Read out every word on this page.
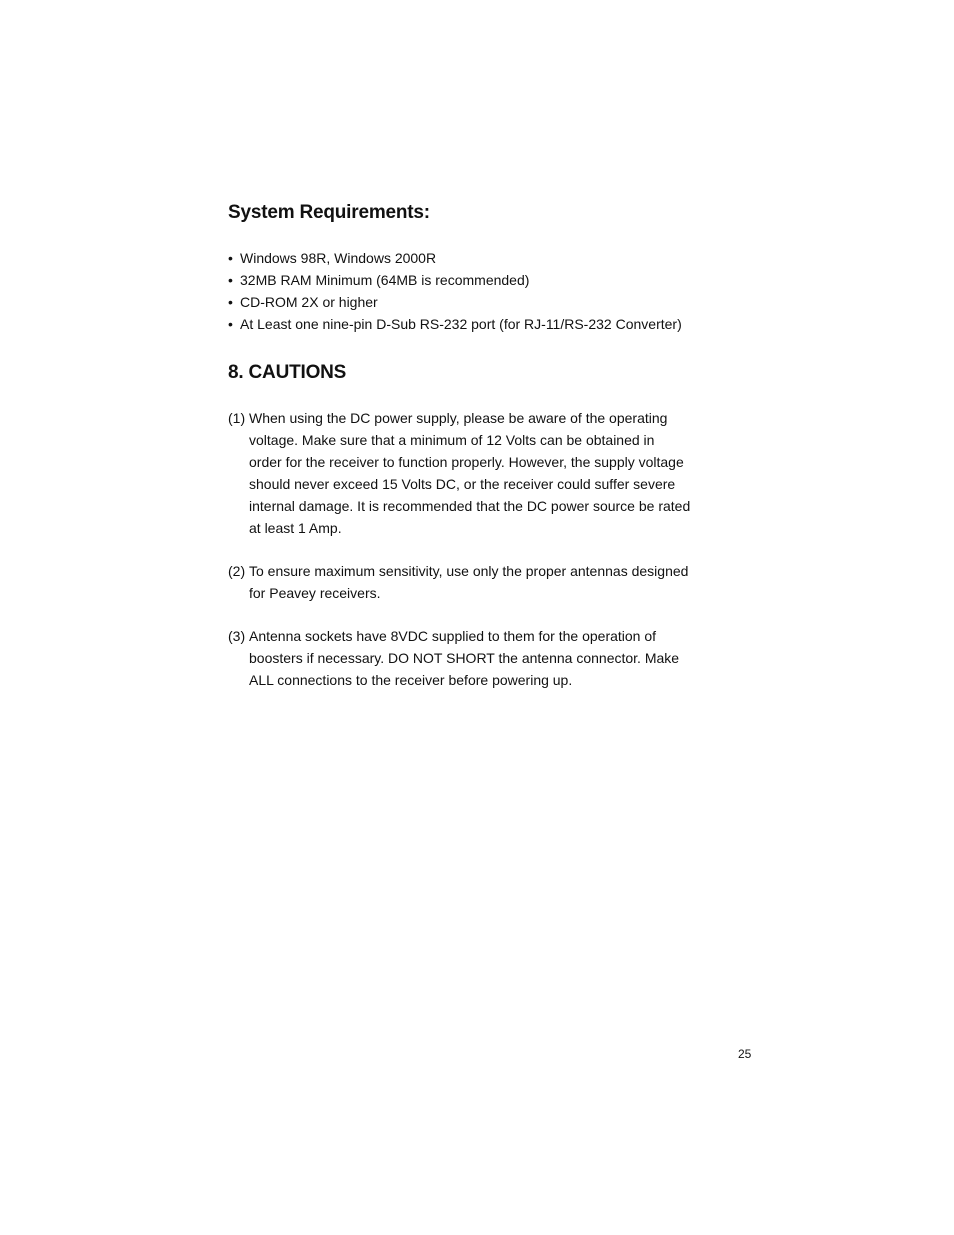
System Requirements:
• Windows 98R, Windows 2000R
• 32MB RAM Minimum (64MB is recommended)
• CD-ROM 2X or higher
• At Least one nine-pin D-Sub RS-232 port (for RJ-11/RS-232 Converter)
8. CAUTIONS
(1) When using the DC power supply, please be aware of the operating
voltage. Make sure that a minimum of 12 Volts can be obtained in
order for the receiver to function properly. However, the supply voltage
should never exceed 15 Volts DC, or the receiver could suffer severe
internal damage. It is recommended that the DC power source be rated
at least 1 Amp.
(2) To ensure maximum sensitivity, use only the proper antennas designed
for Peavey receivers.
(3) Antenna sockets have 8VDC supplied to them for the operation of
boosters if necessary. DO NOT SHORT the antenna connector. Make
ALL connections to the receiver before powering up.
25
